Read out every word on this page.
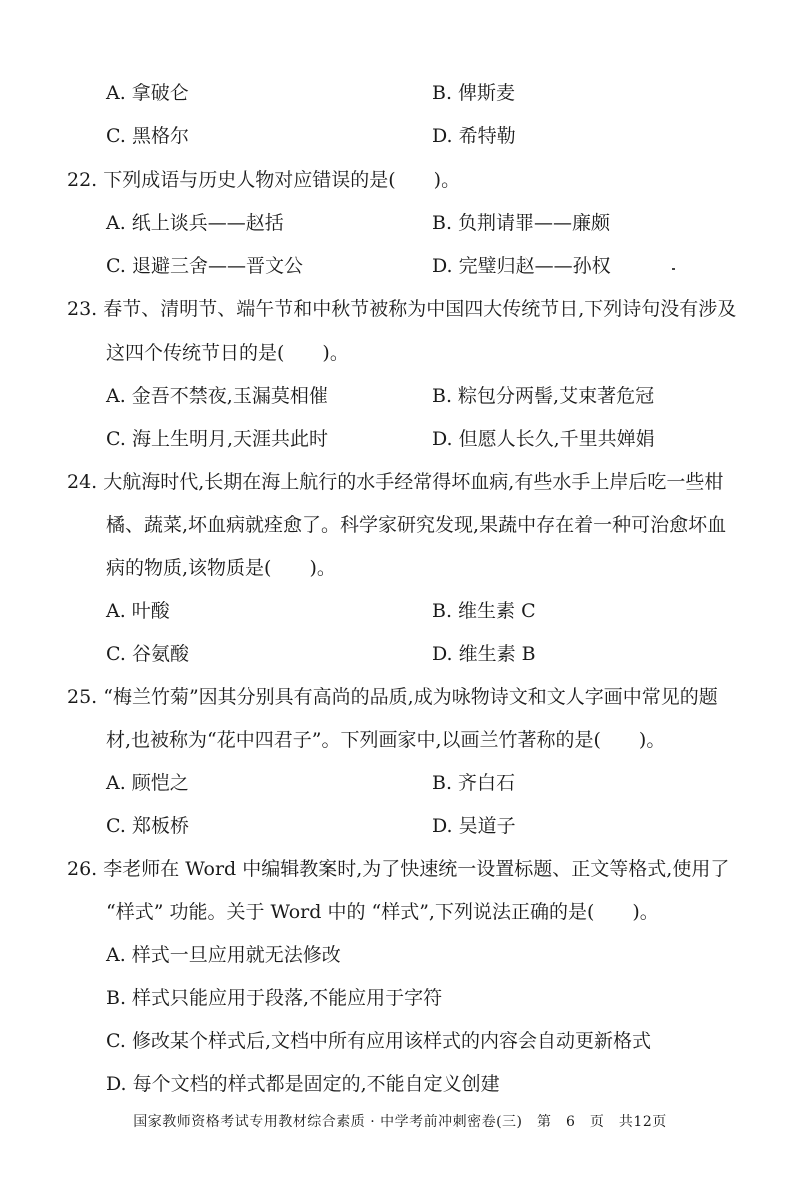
A. 拿破仑	B. 俾斯麦
C. 黑格尔	D. 希特勒
22. 下列成语与历史人物对应错误的是(　　)。
A. 纸上谈兵——赵括	B. 负荆请罪——廉颇
C. 退避三舍——晋文公	D. 完璧归赵——孙权
23. 春节、清明节、端午节和中秋节被称为中国四大传统节日,下列诗句没有涉及
这四个传统节日的是(　　)。
A. 金吾不禁夜,玉漏莫相催	B. 粽包分两髻,艾束著危冠
C. 海上生明月,天涯共此时	D. 但愿人长久,千里共婵娟
24. 大航海时代,长期在海上航行的水手经常得坏血病,有些水手上岸后吃一些柑
橘、蔬菜,坏血病就痊愈了。科学家研究发现,果蔬中存在着一种可治愈坏血
病的物质,该物质是(　　)。
A. 叶酸	B. 维生素 C
C. 谷氨酸	D. 维生素 B
25. “梅兰竹菊”因其分别具有高尚的品质,成为咏物诗文和文人字画中常见的题
材,也被称为“花中四君子”。下列画家中,以画兰竹著称的是(　　)。
A. 顾恺之	B. 齐白石
C. 郑板桥	D. 吴道子
26. 李老师在 Word 中编辑教案时,为了快速统一设置标题、正文等格式,使用了
“样式” 功能。关于 Word 中的 “样式”,下列说法正确的是(　　)。
A. 样式一旦应用就无法修改
B. 样式只能应用于段落,不能应用于字符
C. 修改某个样式后,文档中所有应用该样式的内容会自动更新格式
D. 每个文档的样式都是固定的,不能自定义创建
国家教师资格考试专用教材综合素质 · 中学考前冲刺密卷(三)　第　6　页　共12页
